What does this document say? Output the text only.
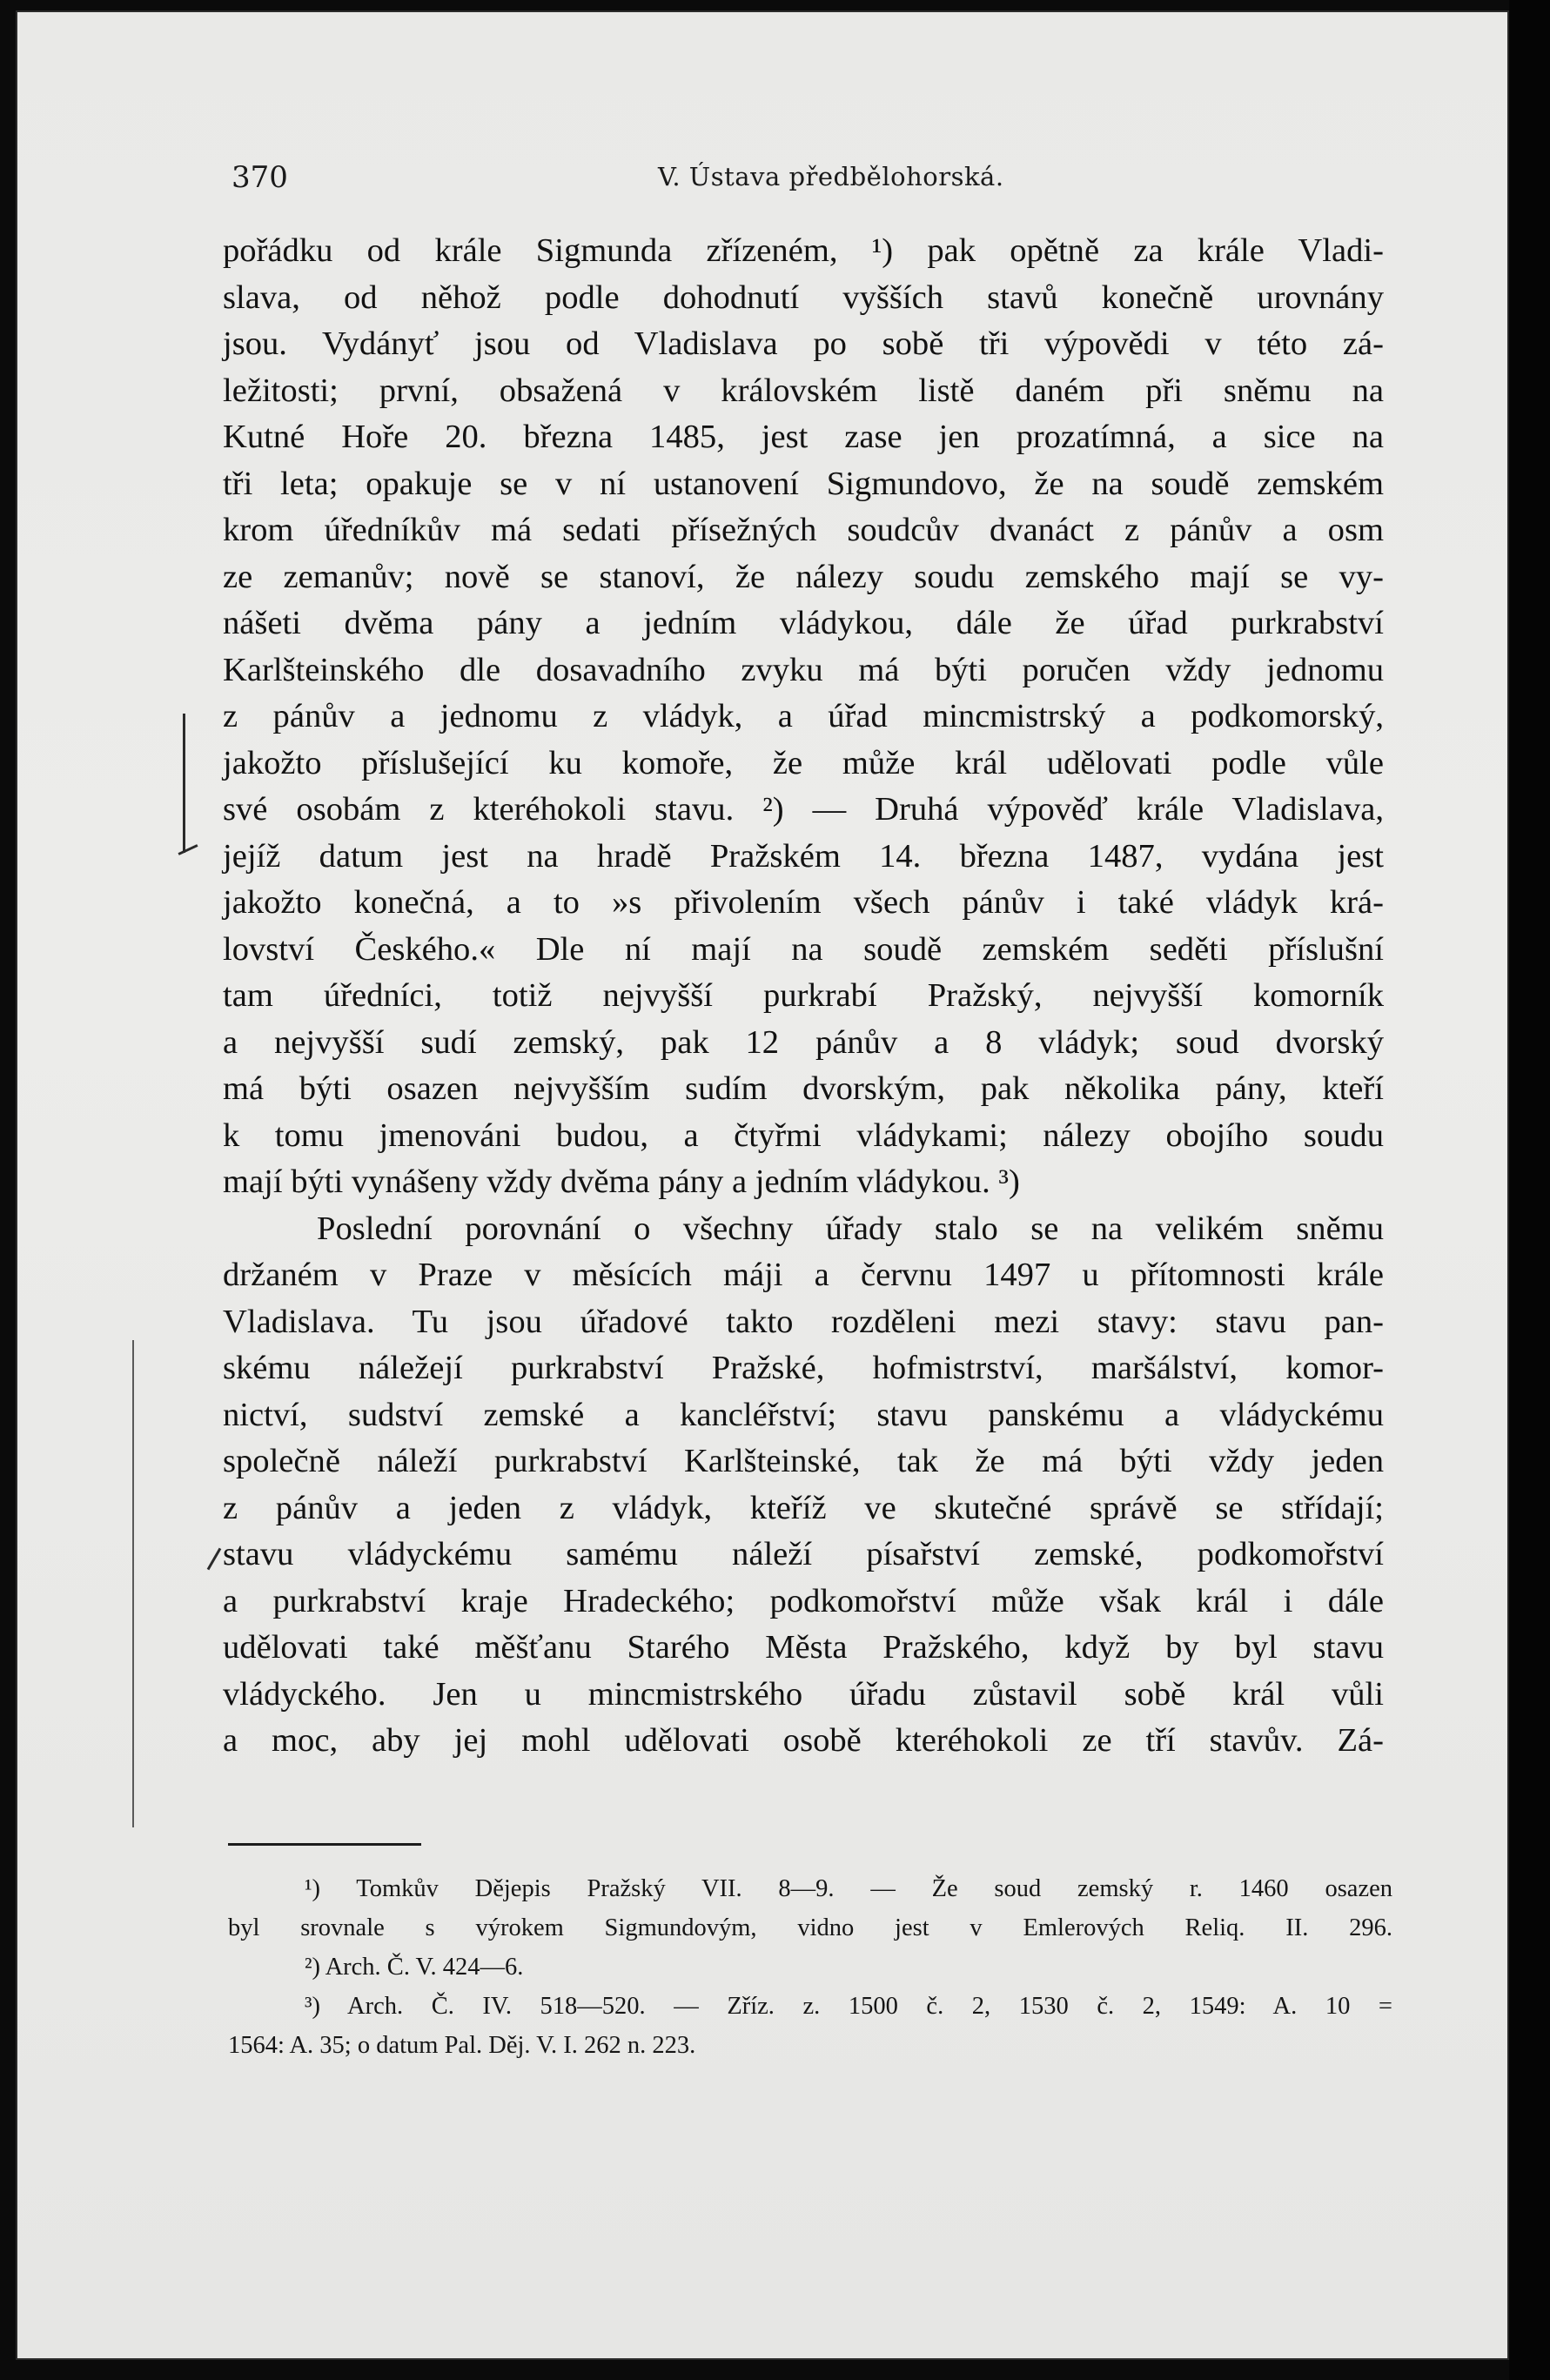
370	V. Ústava předbělohorská.
pořádku od krále Sigmunda zřízeném, ¹) pak opětně za krále Vladi-
slava, od něhož podle dohodnutí vyšších stavů konečně urovnány
jsou. Vydányť jsou od Vladislava po sobě tři výpovědi v této zá-
ležitosti; první, obsažená v královském listě daném při sněmu na
Kutné Hoře 20. března 1485, jest zase jen prozatímná, a sice na
tři leta; opakuje se v ní ustanovení Sigmundovo, že na soudě zemském
krom úředníkův má sedati přísežných soudcův dvanáct z pánův a osm
ze zemanův; nově se stanoví, že nálezy soudu zemského mají se vy-
nášeti dvěma pány a jedním vládykou, dále že úřad purkrabství
Karlšteinského dle dosavadního zvyku má býti poručen vždy jednomu
z pánův a jednomu z vládyk, a úřad mincmistrský a podkomorský,
jakožto příslušející ku komoře, že může král udělovati podle vůle
své osobám z kteréhokoli stavu. ²) — Druhá výpověď krále Vladislava,
jejíž datum jest na hradě Pražském 14. března 1487, vydána jest
jakožto konečná, a to »s přivolením všech pánův i také vládyk krá-
lovství Českého.« Dle ní mají na soudě zemském seděti příslušní
tam úředníci, totiž nejvyšší purkrabí Pražský, nejvyšší komorník
a nejvyšší sudí zemský, pak 12 pánův a 8 vládyk; soud dvorský
má býti osazen nejvyšším sudím dvorským, pak několika pány, kteří
k tomu jmenováni budou, a čtyřmi vládykami; nálezy obojího soudu
mají býti vynášeny vždy dvěma pány a jedním vládykou. ³)
Poslední porovnání o všechny úřady stalo se na velikém sněmu
držaném v Praze v měsících máji a červnu 1497 u přítomnosti krále
Vladislava. Tu jsou úřadové takto rozděleni mezi stavy: stavu pan-
skému náležejí purkrabství Pražské, hofmistrství, maršálství, komor-
nictví, sudství zemské a kancléřství; stavu panskému a vládyckému
společně náleží purkrabství Karlšteinské, tak že má býti vždy jeden
z pánův a jeden z vládyk, kteříž ve skutečné správě se střídají;
stavu vládyckému samému náleží písařství zemské, podkomořství
a purkrabství kraje Hradeckého; podkomořství může však král i dále
udělovati také měšťanu Starého Města Pražského, když by byl stavu
vládyckého. Jen u mincmistrského úřadu zůstavil sobě král vůli
a moc, aby jej mohl udělovati osobě kteréhokoli ze tří stavův. Zá-
¹) Tomkův Dějepis Pražský VII. 8—9. — Že soud zemský r. 1460 osazen
byl srovnale s výrokem Sigmundovým, vidno jest v Emlerových Reliq. II. 296.
²) Arch. Č. V. 424—6.
³) Arch. Č. IV. 518—520. — Zříz. z. 1500 č. 2, 1530 č. 2, 1549: A. 10 =
1564: A. 35; o datum Pal. Děj. V. I. 262 n. 223.
